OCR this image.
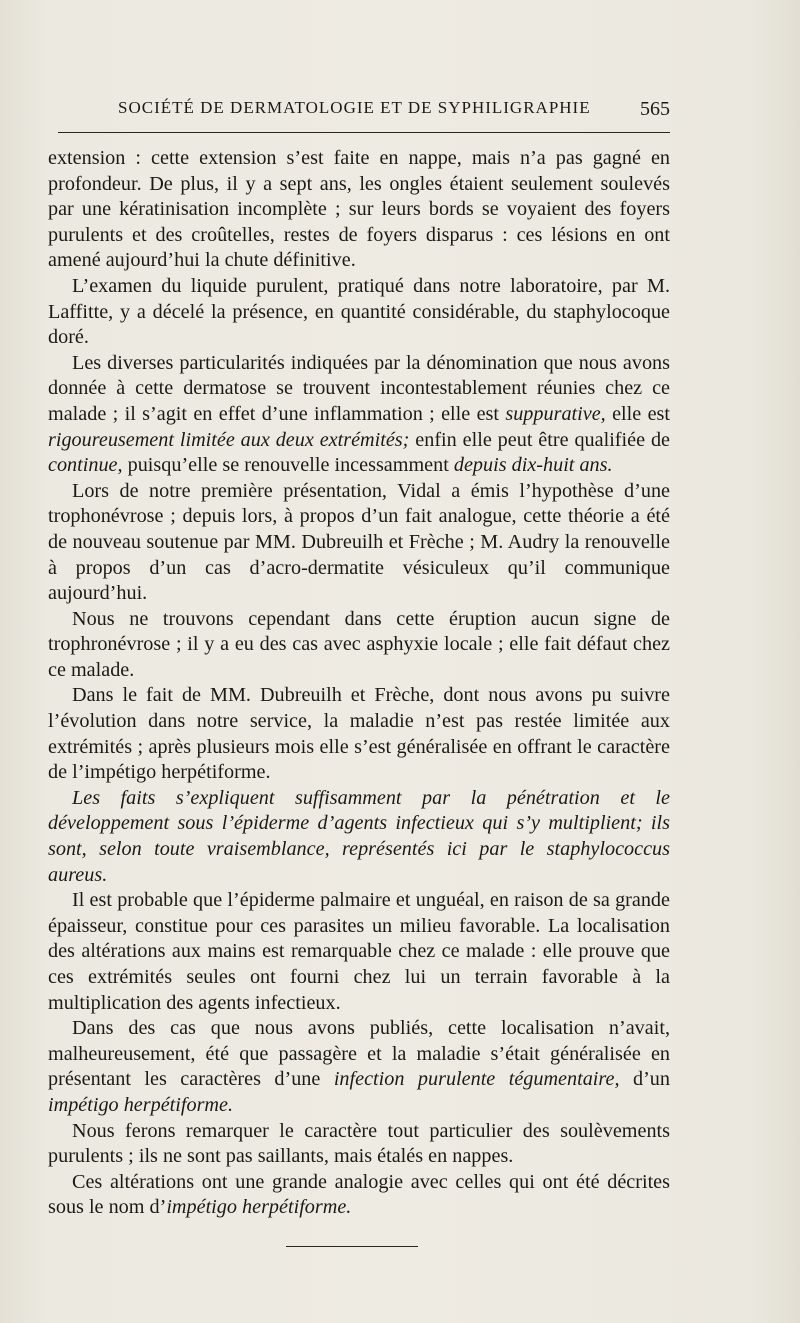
SOCIÉTÉ DE DERMATOLOGIE ET DE SYPHILIGRAPHIE 565

extension : cette extension s’est faite en nappe, mais n’a pas gagné en profondeur. De plus, il y a sept ans, les ongles étaient seulement soulevés par une kératinisation incomplète ; sur leurs bords se voyaient des foyers purulents et des croûtelles, restes de foyers disparus : ces lésions en ont amené aujourd’hui la chute définitive.

L’examen du liquide purulent, pratiqué dans notre laboratoire, par M. Laffitte, y a décelé la présence, en quantité considérable, du staphylocoque doré.

Les diverses particularités indiquées par la dénomination que nous avons donnée à cette dermatose se trouvent incontestablement réunies chez ce malade ; il s’agit en effet d’une inflammation ; elle est suppurative, elle est rigoureusement limitée aux deux extrémités; enfin elle peut être qualifiée de continue, puisqu’elle se renouvelle incessamment depuis dix-huit ans.

Lors de notre première présentation, Vidal a émis l’hypothèse d’une trophonévrose ; depuis lors, à propos d’un fait analogue, cette théorie a été de nouveau soutenue par MM. Dubreuilh et Frèche ; M. Audry la renouvelle à propos d’un cas d’acro-dermatite vésiculeux qu’il communique aujourd’hui.

Nous ne trouvons cependant dans cette éruption aucun signe de trophronévrose ; il y a eu des cas avec asphyxie locale ; elle fait défaut chez ce malade.

Dans le fait de MM. Dubreuilh et Frèche, dont nous avons pu suivre l’évolution dans notre service, la maladie n’est pas restée limitée aux extrémités ; après plusieurs mois elle s’est généralisée en offrant le caractère de l’impétigo herpétiforme.

Les faits s’expliquent suffisamment par la pénétration et le développement sous l’épiderme d’agents infectieux qui s’y multiplient; ils sont, selon toute vraisemblance, représentés ici par le staphylococcus aureus.

Il est probable que l’épiderme palmaire et unguéal, en raison de sa grande épaisseur, constitue pour ces parasites un milieu favorable. La localisation des altérations aux mains est remarquable chez ce malade : elle prouve que ces extrémités seules ont fourni chez lui un terrain favorable à la multiplication des agents infectieux.

Dans des cas que nous avons publiés, cette localisation n’avait, malheureusement, été que passagère et la maladie s’était généralisée en présentant les caractères d’une infection purulente tégumentaire, d’un impétigo herpétiforme.

Nous ferons remarquer le caractère tout particulier des soulèvements purulents ; ils ne sont pas saillants, mais étalés en nappes.

Ces altérations ont une grande analogie avec celles qui ont été décrites sous le nom d’impétigo herpétiforme.
